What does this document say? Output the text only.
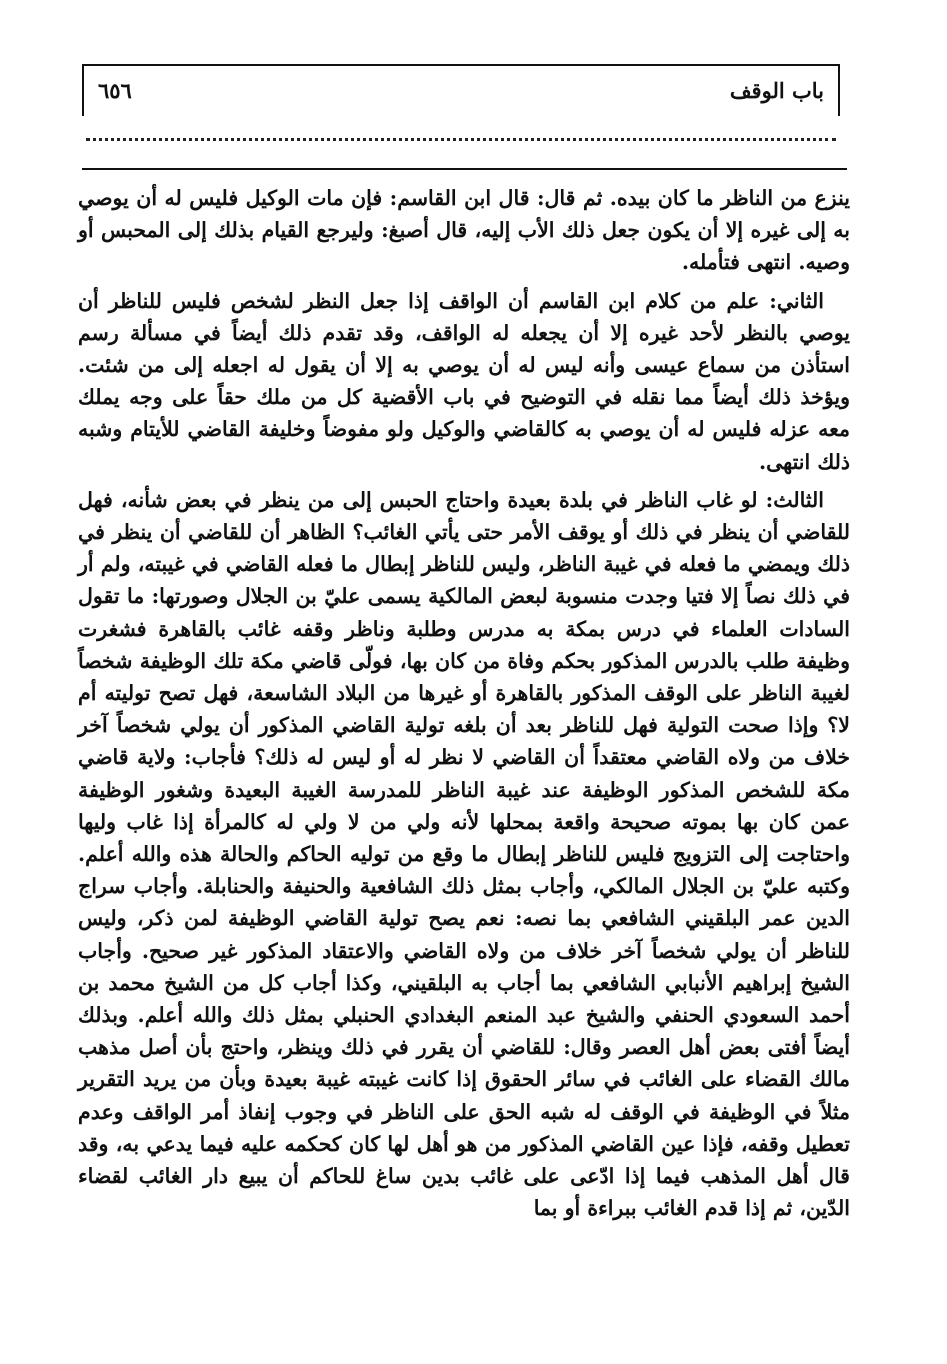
٦٥٦	باب الوقف

ينزع من الناظر ما كان بيده. ثم قال: قال ابن القاسم: فإن مات الوكيل فليس له أن يوصي به إلى غيره إلا أن يكون جعل ذلك الأب إليه، قال أصبغ: وليرجع القيام بذلك إلى المحبس أو وصيه. انتهى فتأمله.

الثاني: علم من كلام ابن القاسم أن الواقف إذا جعل النظر لشخص فليس للناظر أن يوصي بالنظر لأحد غيره إلا أن يجعله له الواقف، وقد تقدم ذلك أيضاً في مسألة رسم استأذن من سماع عيسى وأنه ليس له أن يوصي به إلا أن يقول له اجعله إلى من شئت. ويؤخذ ذلك أيضاً مما نقله في التوضيح في باب الأقضية كل من ملك حقاً على وجه يملك معه عزله فليس له أن يوصي به كالقاضي والوكيل ولو مفوضاً وخليفة القاضي للأيتام وشبه ذلك انتهى.

الثالث: لو غاب الناظر في بلدة بعيدة واحتاج الحبس إلى من ينظر في بعض شأنه، فهل للقاضي أن ينظر في ذلك أو يوقف الأمر حتى يأتي الغائب؟ الظاهر أن للقاضي أن ينظر في ذلك ويمضي ما فعله في غيبة الناظر، وليس للناظر إبطال ما فعله القاضي في غيبته، ولم أر في ذلك نصاً إلا فتيا وجدت منسوبة لبعض المالكية يسمى عليّ بن الجلال وصورتها: ما تقول السادات العلماء في درس بمكة به مدرس وطلبة وناظر وقفه غائب بالقاهرة فشغرت وظيفة طلب بالدرس المذكور بحكم وفاة من كان بها، فولّى قاضي مكة تلك الوظيفة شخصاً لغيبة الناظر على الوقف المذكور بالقاهرة أو غيرها من البلاد الشاسعة، فهل تصح توليته أم لا؟ وإذا صحت التولية فهل للناظر بعد أن بلغه تولية القاضي المذكور أن يولي شخصاً آخر خلاف من ولاه القاضي معتقداً أن القاضي لا نظر له أو ليس له ذلك؟ فأجاب: ولاية قاضي مكة للشخص المذكور الوظيفة عند غيبة الناظر للمدرسة الغيبة البعيدة وشغور الوظيفة عمن كان بها بموته صحيحة واقعة بمحلها لأنه ولي من لا ولي له كالمرأة إذا غاب وليها واحتاجت إلى التزويج فليس للناظر إبطال ما وقع من توليه الحاكم والحالة هذه والله أعلم. وكتبه عليّ بن الجلال المالكي، وأجاب بمثل ذلك الشافعية والحنيفة والحنابلة. وأجاب سراج الدين عمر البلقيني الشافعي بما نصه: نعم يصح تولية القاضي الوظيفة لمن ذكر، وليس للناظر أن يولي شخصاً آخر خلاف من ولاه القاضي والاعتقاد المذكور غير صحيح. وأجاب الشيخ إبراهيم الأنبابي الشافعي بما أجاب به البلقيني، وكذا أجاب كل من الشيخ محمد بن أحمد السعودي الحنفي والشيخ عبد المنعم البغدادي الحنبلي بمثل ذلك والله أعلم. وبذلك أيضاً أفتى بعض أهل العصر وقال: للقاضي أن يقرر في ذلك وينظر، واحتج بأن أصل مذهب مالك القضاء على الغائب في سائر الحقوق إذا كانت غيبته غيبة بعيدة وبأن من يريد التقرير مثلاً في الوظيفة في الوقف له شبه الحق على الناظر في وجوب إنفاذ أمر الواقف وعدم تعطيل وقفه، فإذا عين القاضي المذكور من هو أهل لها كان كحكمه عليه فيما يدعي به، وقد قال أهل المذهب فيما إذا ادّعى على غائب بدين ساغ للحاكم أن يبيع دار الغائب لقضاء الدّين، ثم إذا قدم الغائب ببراءة أو بما
